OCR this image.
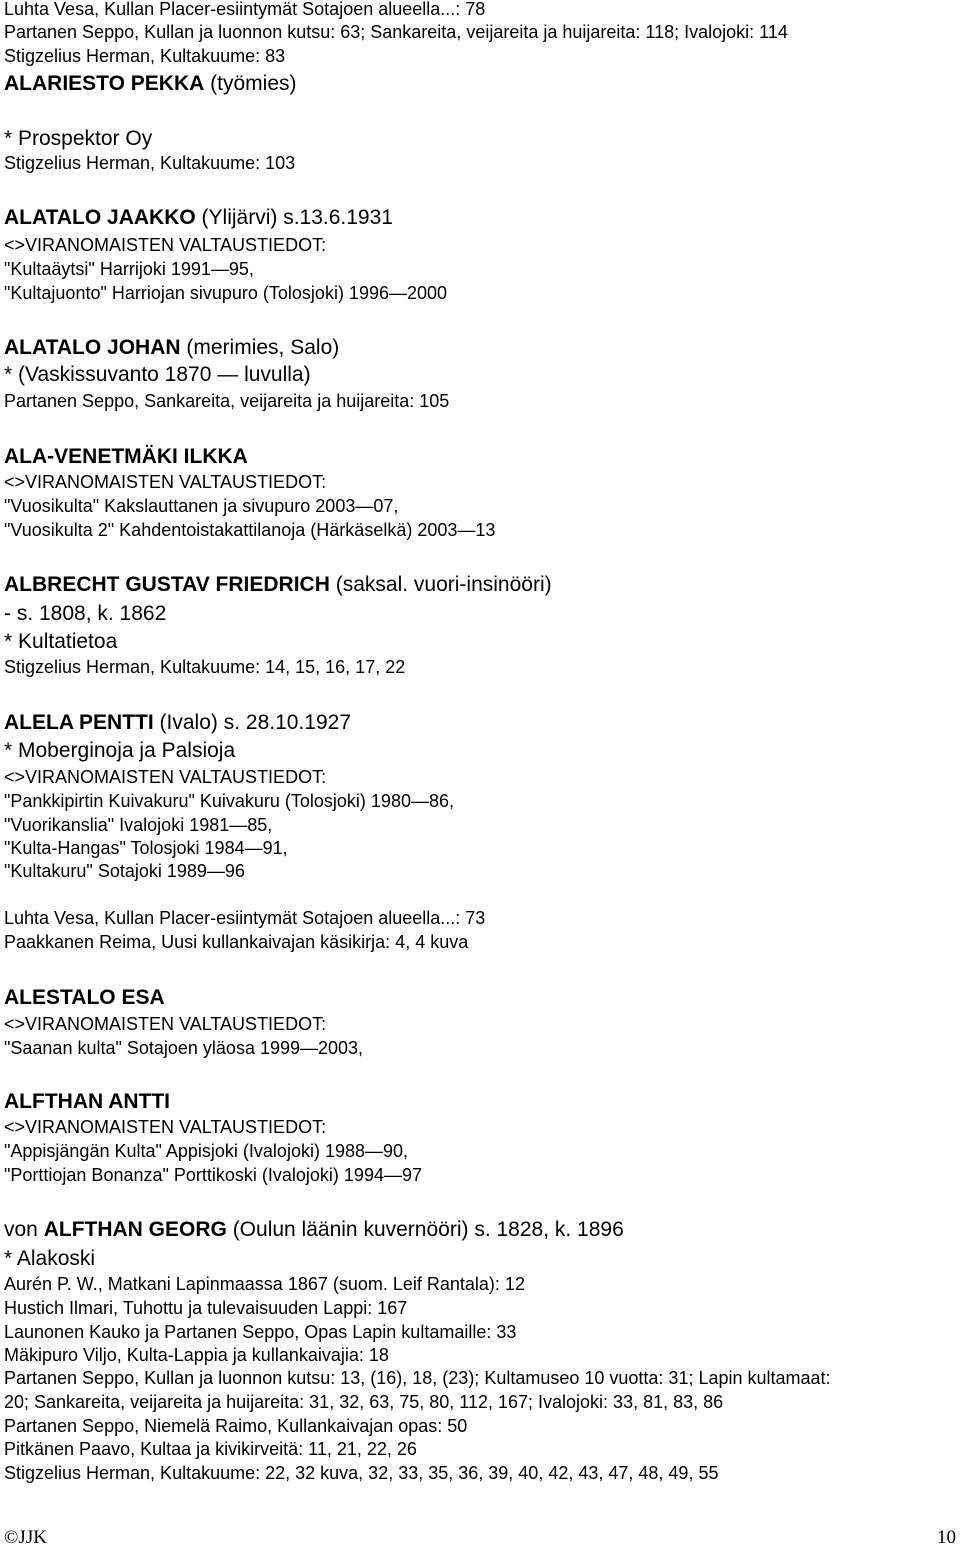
Luhta Vesa, Kullan Placer-esiintymät Sotajoen alueella...: 78
Partanen Seppo, Kullan ja luonnon kutsu: 63; Sankareita, veijareita ja huijareita: 118; Ivalojoki: 114
Stigzelius Herman, Kultakuume: 83
ALARIESTO PEKKA (työmies)
* Prospektor Oy
Stigzelius Herman, Kultakuume: 103
ALATALO JAAKKO (Ylijärvi) s.13.6.1931
<>VIRANOMAISTEN VALTAUSTIEDOT:
"Kultaäytsi" Harrijoki 1991—95,
"Kultajuonto" Harriojan sivupuro (Tolosjoki) 1996—2000
ALATALO JOHAN (merimies, Salo)
* (Vaskissuvanto 1870 — luvulla)
Partanen Seppo, Sankareita, veijareita ja huijareita: 105
ALA-VENETMÄKI ILKKA
<>VIRANOMAISTEN VALTAUSTIEDOT:
"Vuosikulta" Kakslauttanen ja sivupuro 2003—07,
"Vuosikulta 2" Kahdentoistakattilanoja (Härkäselkä) 2003—13
ALBRECHT GUSTAV FRIEDRICH (saksal. vuori-insinööri)
- s. 1808, k. 1862
* Kultatietoa
Stigzelius Herman, Kultakuume: 14, 15, 16, 17, 22
ALELA PENTTI (Ivalo) s. 28.10.1927
* Moberginoja ja Palsioja
<>VIRANOMAISTEN VALTAUSTIEDOT:
"Pankkipirtin Kuivakuru" Kuivakuru (Tolosjoki) 1980—86,
"Vuorikanslia" Ivalojoki 1981—85,
"Kulta-Hangas" Tolosjoki 1984—91,
"Kultakuru" Sotajoki 1989—96
Luhta Vesa, Kullan Placer-esiintymät Sotajoen alueella...: 73
Paakkanen Reima, Uusi kullankaivajan käsikirja: 4, 4 kuva
ALESTALO ESA
<>VIRANOMAISTEN VALTAUSTIEDOT:
"Saanan kulta" Sotajoen yläosa 1999—2003,
ALFTHAN ANTTI
<>VIRANOMAISTEN VALTAUSTIEDOT:
"Appisjängän Kulta" Appisjoki (Ivalojoki) 1988—90,
"Porttiojan Bonanza" Porttikoski (Ivalojoki) 1994—97
von ALFTHAN GEORG (Oulun läänin kuvernööri) s. 1828, k. 1896
* Alakoski
Aurén P. W., Matkani Lapinmaassa 1867 (suom. Leif Rantala): 12
Hustich Ilmari, Tuhottu ja tulevaisuuden Lappi: 167
Launonen Kauko ja Partanen Seppo, Opas Lapin kultamaille: 33
Mäkipuro Viljo, Kulta-Lappia ja kullankaivajia: 18
Partanen Seppo, Kullan ja luonnon kutsu: 13, (16), 18, (23); Kultamuseo 10 vuotta: 31; Lapin kultamaat:
20; Sankareita, veijareita ja huijareita: 31, 32, 63, 75, 80, 112, 167; Ivalojoki: 33, 81, 83, 86
Partanen Seppo, Niemelä Raimo, Kullankaivajan opas: 50
Pitkänen Paavo, Kultaa ja kivikirveitä: 11, 21, 22, 26
Stigzelius Herman, Kultakuume: 22, 32 kuva, 32, 33, 35, 36, 39, 40, 42, 43, 47, 48, 49, 55
©JJK	10
